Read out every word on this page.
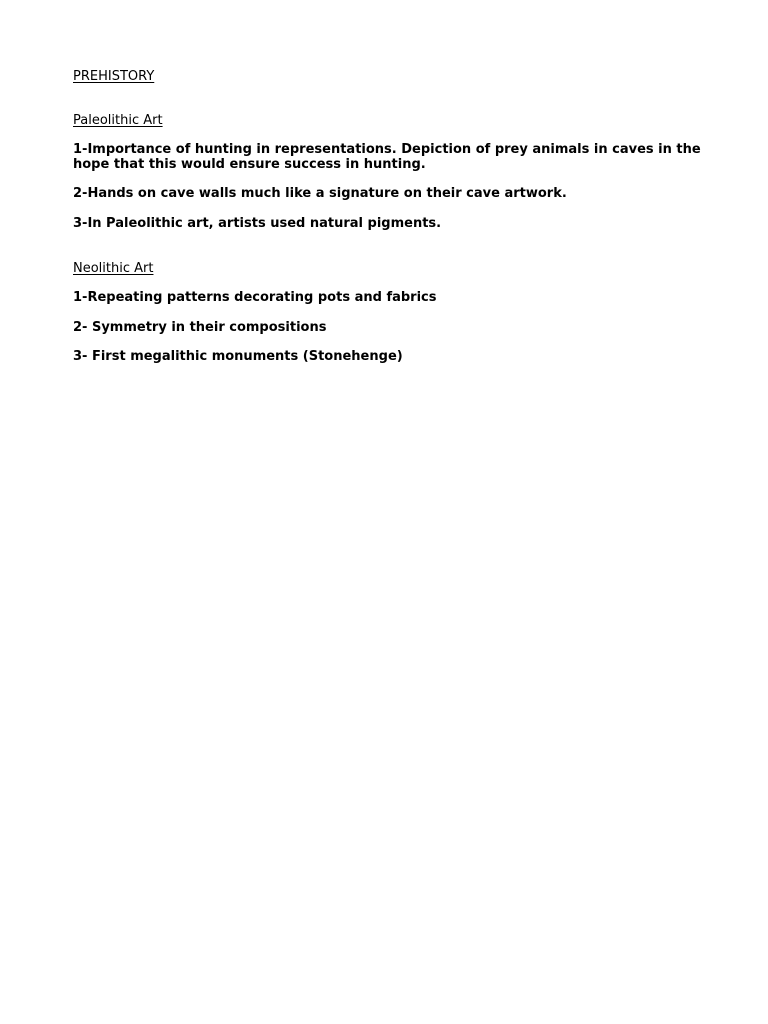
PREHISTORY
Paleolithic Art
1-Importance of hunting in representations. Depiction of prey animals in caves in the
hope that this would ensure success in hunting.
2-Hands on cave walls much like a signature on their cave artwork.
3-In Paleolithic art, artists used natural pigments.
Neolithic Art
1-Repeating patterns decorating pots and fabrics
2- Symmetry in their compositions
3- First megalithic monuments (Stonehenge)
